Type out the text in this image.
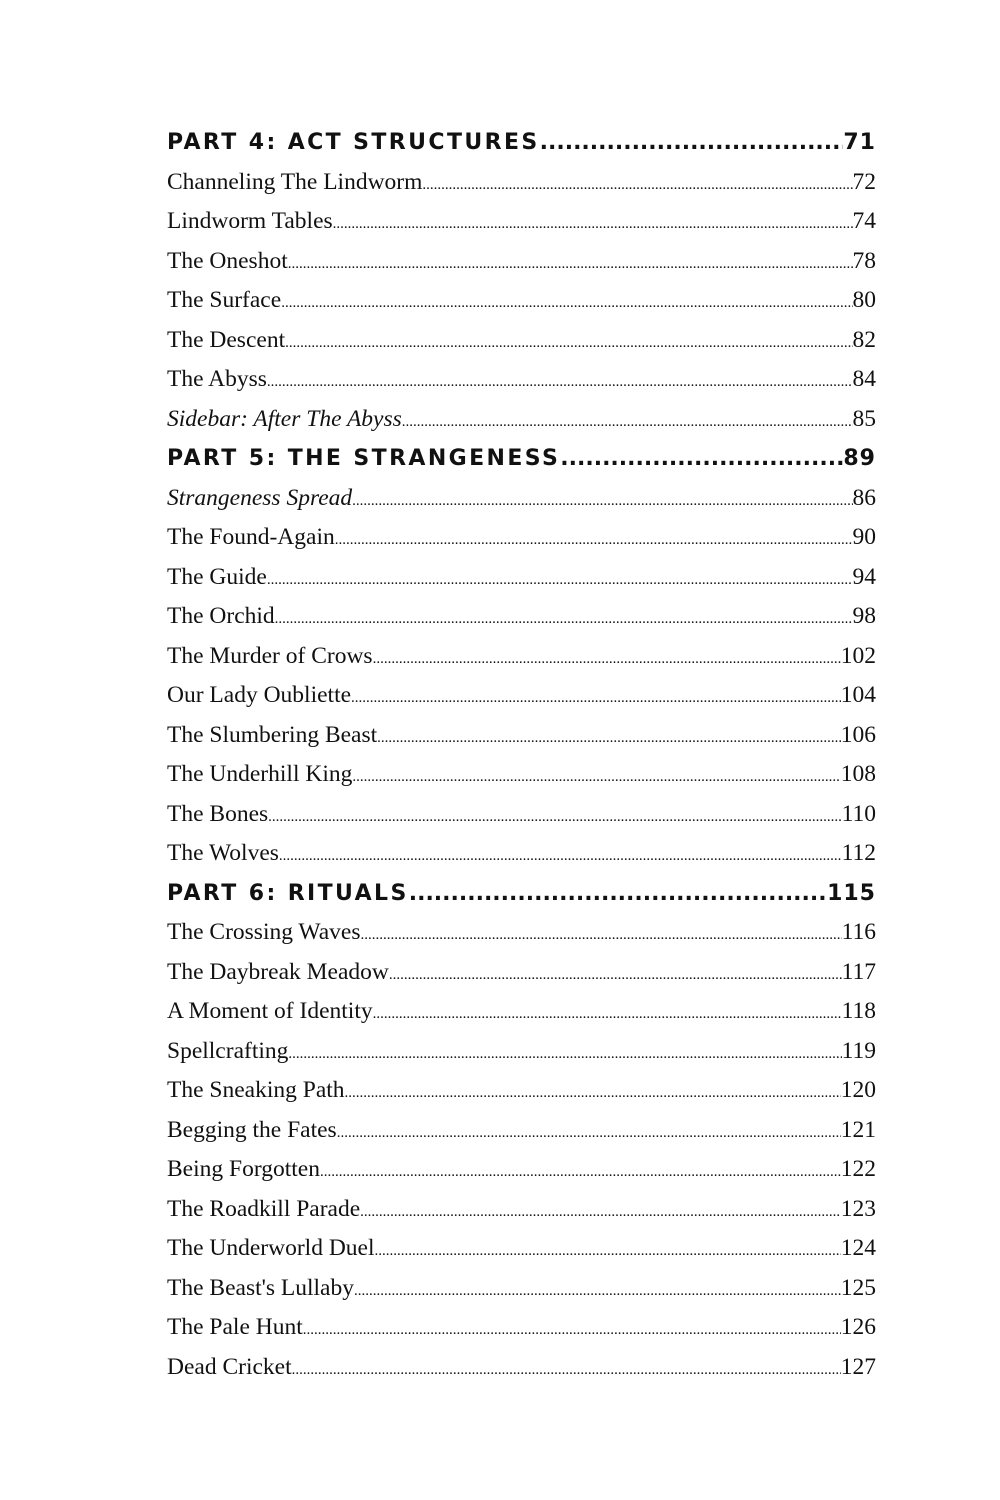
PART 4: ACT STRUCTURES .....	71
Channeling The Lindworm .....	72
Lindworm Tables .....	74
The Oneshot .....	78
The Surface .....	80
The Descent .....	82
The Abyss .....	84
Sidebar: After The Abyss .....	85
PART 5: THE STRANGENESS .....	89
Strangeness Spread .....	86
The Found-Again .....	90
The Guide .....	94
The Orchid .....	98
The Murder of Crows .....	102
Our Lady Oubliette .....	104
The Slumbering Beast .....	106
The Underhill King .....	108
The Bones .....	110
The Wolves .....	112
PART 6: RITUALS .....	115
The Crossing Waves .....	116
The Daybreak Meadow .....	117
A Moment of Identity .....	118
Spellcrafting .....	119
The Sneaking Path .....	120
Begging the Fates .....	121
Being Forgotten .....	122
The Roadkill Parade .....	123
The Underworld Duel .....	124
The Beast's Lullaby .....	125
The Pale Hunt .....	126
Dead Cricket .....	127
